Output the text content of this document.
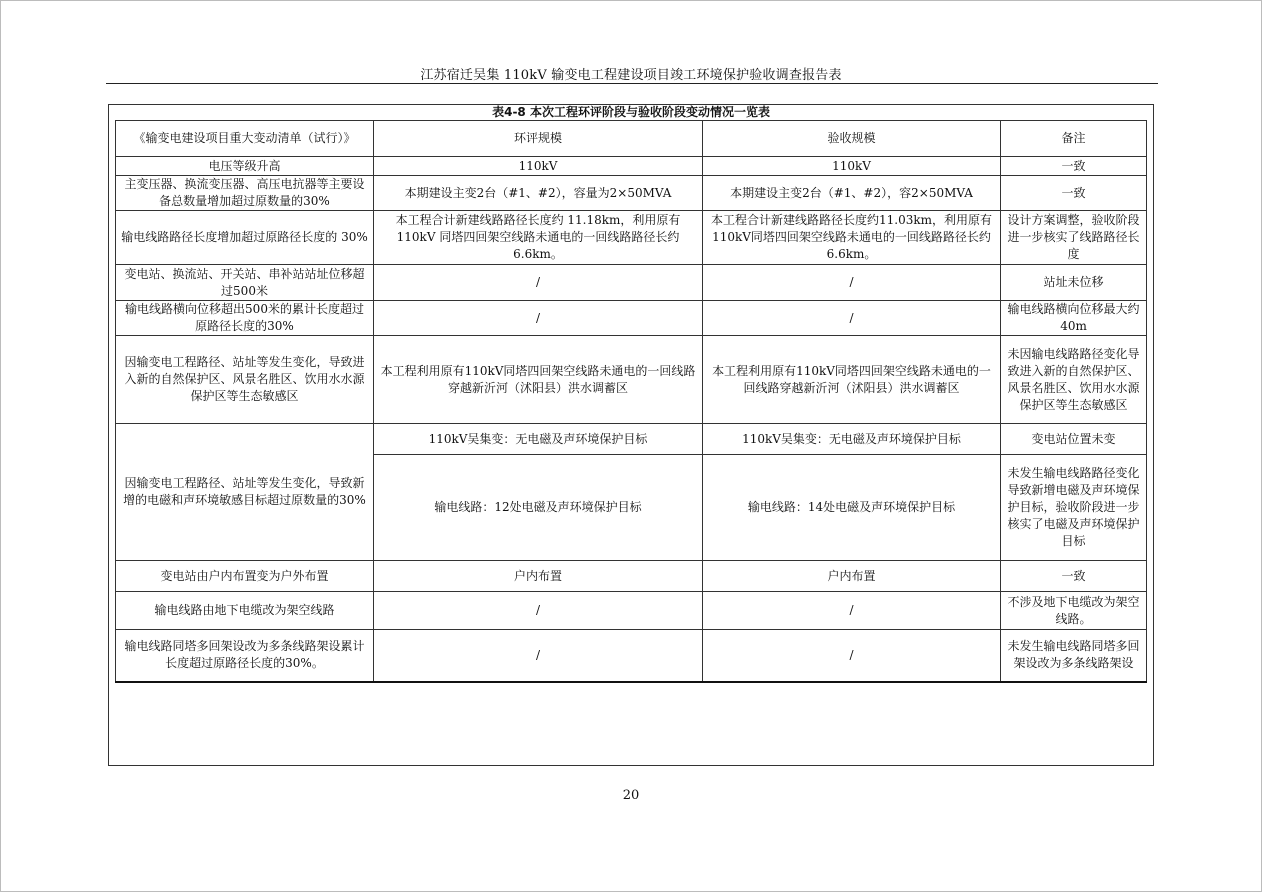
江苏宿迁吴集 110kV 输变电工程建设项目竣工环境保护验收调查报告表
表4-8 本次工程环评阶段与验收阶段变动情况一览表			
《输变电建设项目重大变动清单（试行）》	环评规模	验收规模	备注
电压等级升高	110kV	110kV	一致
主变压器、换流变压器、高压电抗器等主要设备总数量增加超过原数量的30%	本期建设主变2台（#1、#2），容量为2×50MVA	本期建设主变2台（#1、#2），容2×50MVA	一致
输电线路路径长度增加超过原路径长度的 30%	本工程合计新建线路路径长度约 11.18km，利用原有110kV 同塔四回架空线路未通电的一回线路路径长约6.6km。	本工程合计新建线路路径长度约11.03km，利用原有110kV同塔四回架空线路未通电的一回线路路径长约6.6km。	设计方案调整，验收阶段进一步核实了线路路径长度
变电站、换流站、开关站、串补站站址位移超过500米	/	/	站址未位移
输电线路横向位移超出500米的累计长度超过原路径长度的30%	/	/	输电线路横向位移最大约40m
因输变电工程路径、站址等发生变化，导致进入新的自然保护区、风景名胜区、饮用水水源保护区等生态敏感区	本工程利用原有110kV同塔四回架空线路未通电的一回线路穿越新沂河（沭阳县）洪水调蓄区	本工程利用原有110kV同塔四回架空线路未通电的一回线路穿越新沂河（沭阳县）洪水调蓄区	未因输电线路路径变化导致进入新的自然保护区、风景名胜区、饮用水水源保护区等生态敏感区
因输变电工程路径、站址等发生变化，导致新增的电磁和声环境敏感目标超过原数量的30%	110kV吴集变：无电磁及声环境保护目标	110kV吴集变：无电磁及声环境保护目标	变电站位置未变
	输电线路：12处电磁及声环境保护目标	输电线路：14处电磁及声环境保护目标	未发生输电线路路径变化导致新增电磁及声环境保护目标，验收阶段进一步核实了电磁及声环境保护目标
变电站由户内布置变为户外布置	户内布置	户内布置	一致
输电线路由地下电缆改为架空线路	/	/	不涉及地下电缆改为架空线路。
输电线路同塔多回架设改为多条线路架设累计长度超过原路径长度的30%。	/	/	未发生输电线路同塔多回架设改为多条线路架设
20
